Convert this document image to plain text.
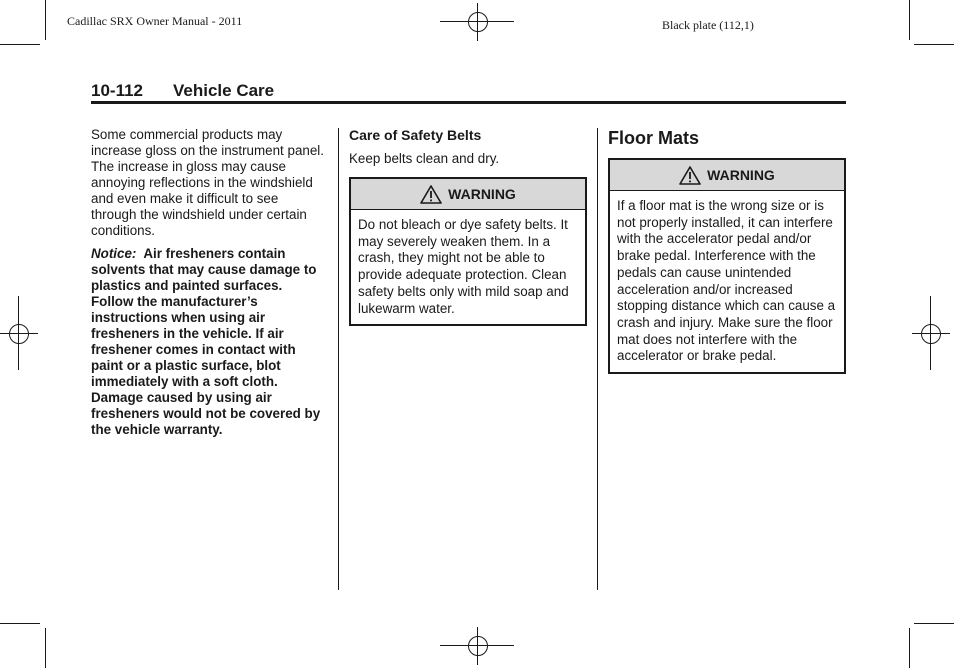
Cadillac SRX Owner Manual - 2011	Black plate (112,1)
10-112 Vehicle Care
Some commercial products may increase gloss on the instrument panel. The increase in gloss may cause annoying reflections in the windshield and even make it difficult to see through the windshield under certain conditions.
Notice: Air fresheners contain solvents that may cause damage to plastics and painted surfaces. Follow the manufacturer’s instructions when using air fresheners in the vehicle. If air freshener comes in contact with paint or a plastic surface, blot immediately with a soft cloth. Damage caused by using air fresheners would not be covered by the vehicle warranty.
Care of Safety Belts
Keep belts clean and dry.
WARNING
Do not bleach or dye safety belts. It may severely weaken them. In a crash, they might not be able to provide adequate protection. Clean safety belts only with mild soap and lukewarm water.
Floor Mats
WARNING
If a floor mat is the wrong size or is not properly installed, it can interfere with the accelerator pedal and/or brake pedal. Interference with the pedals can cause unintended acceleration and/or increased stopping distance which can cause a crash and injury. Make sure the floor mat does not interfere with the accelerator or brake pedal.
